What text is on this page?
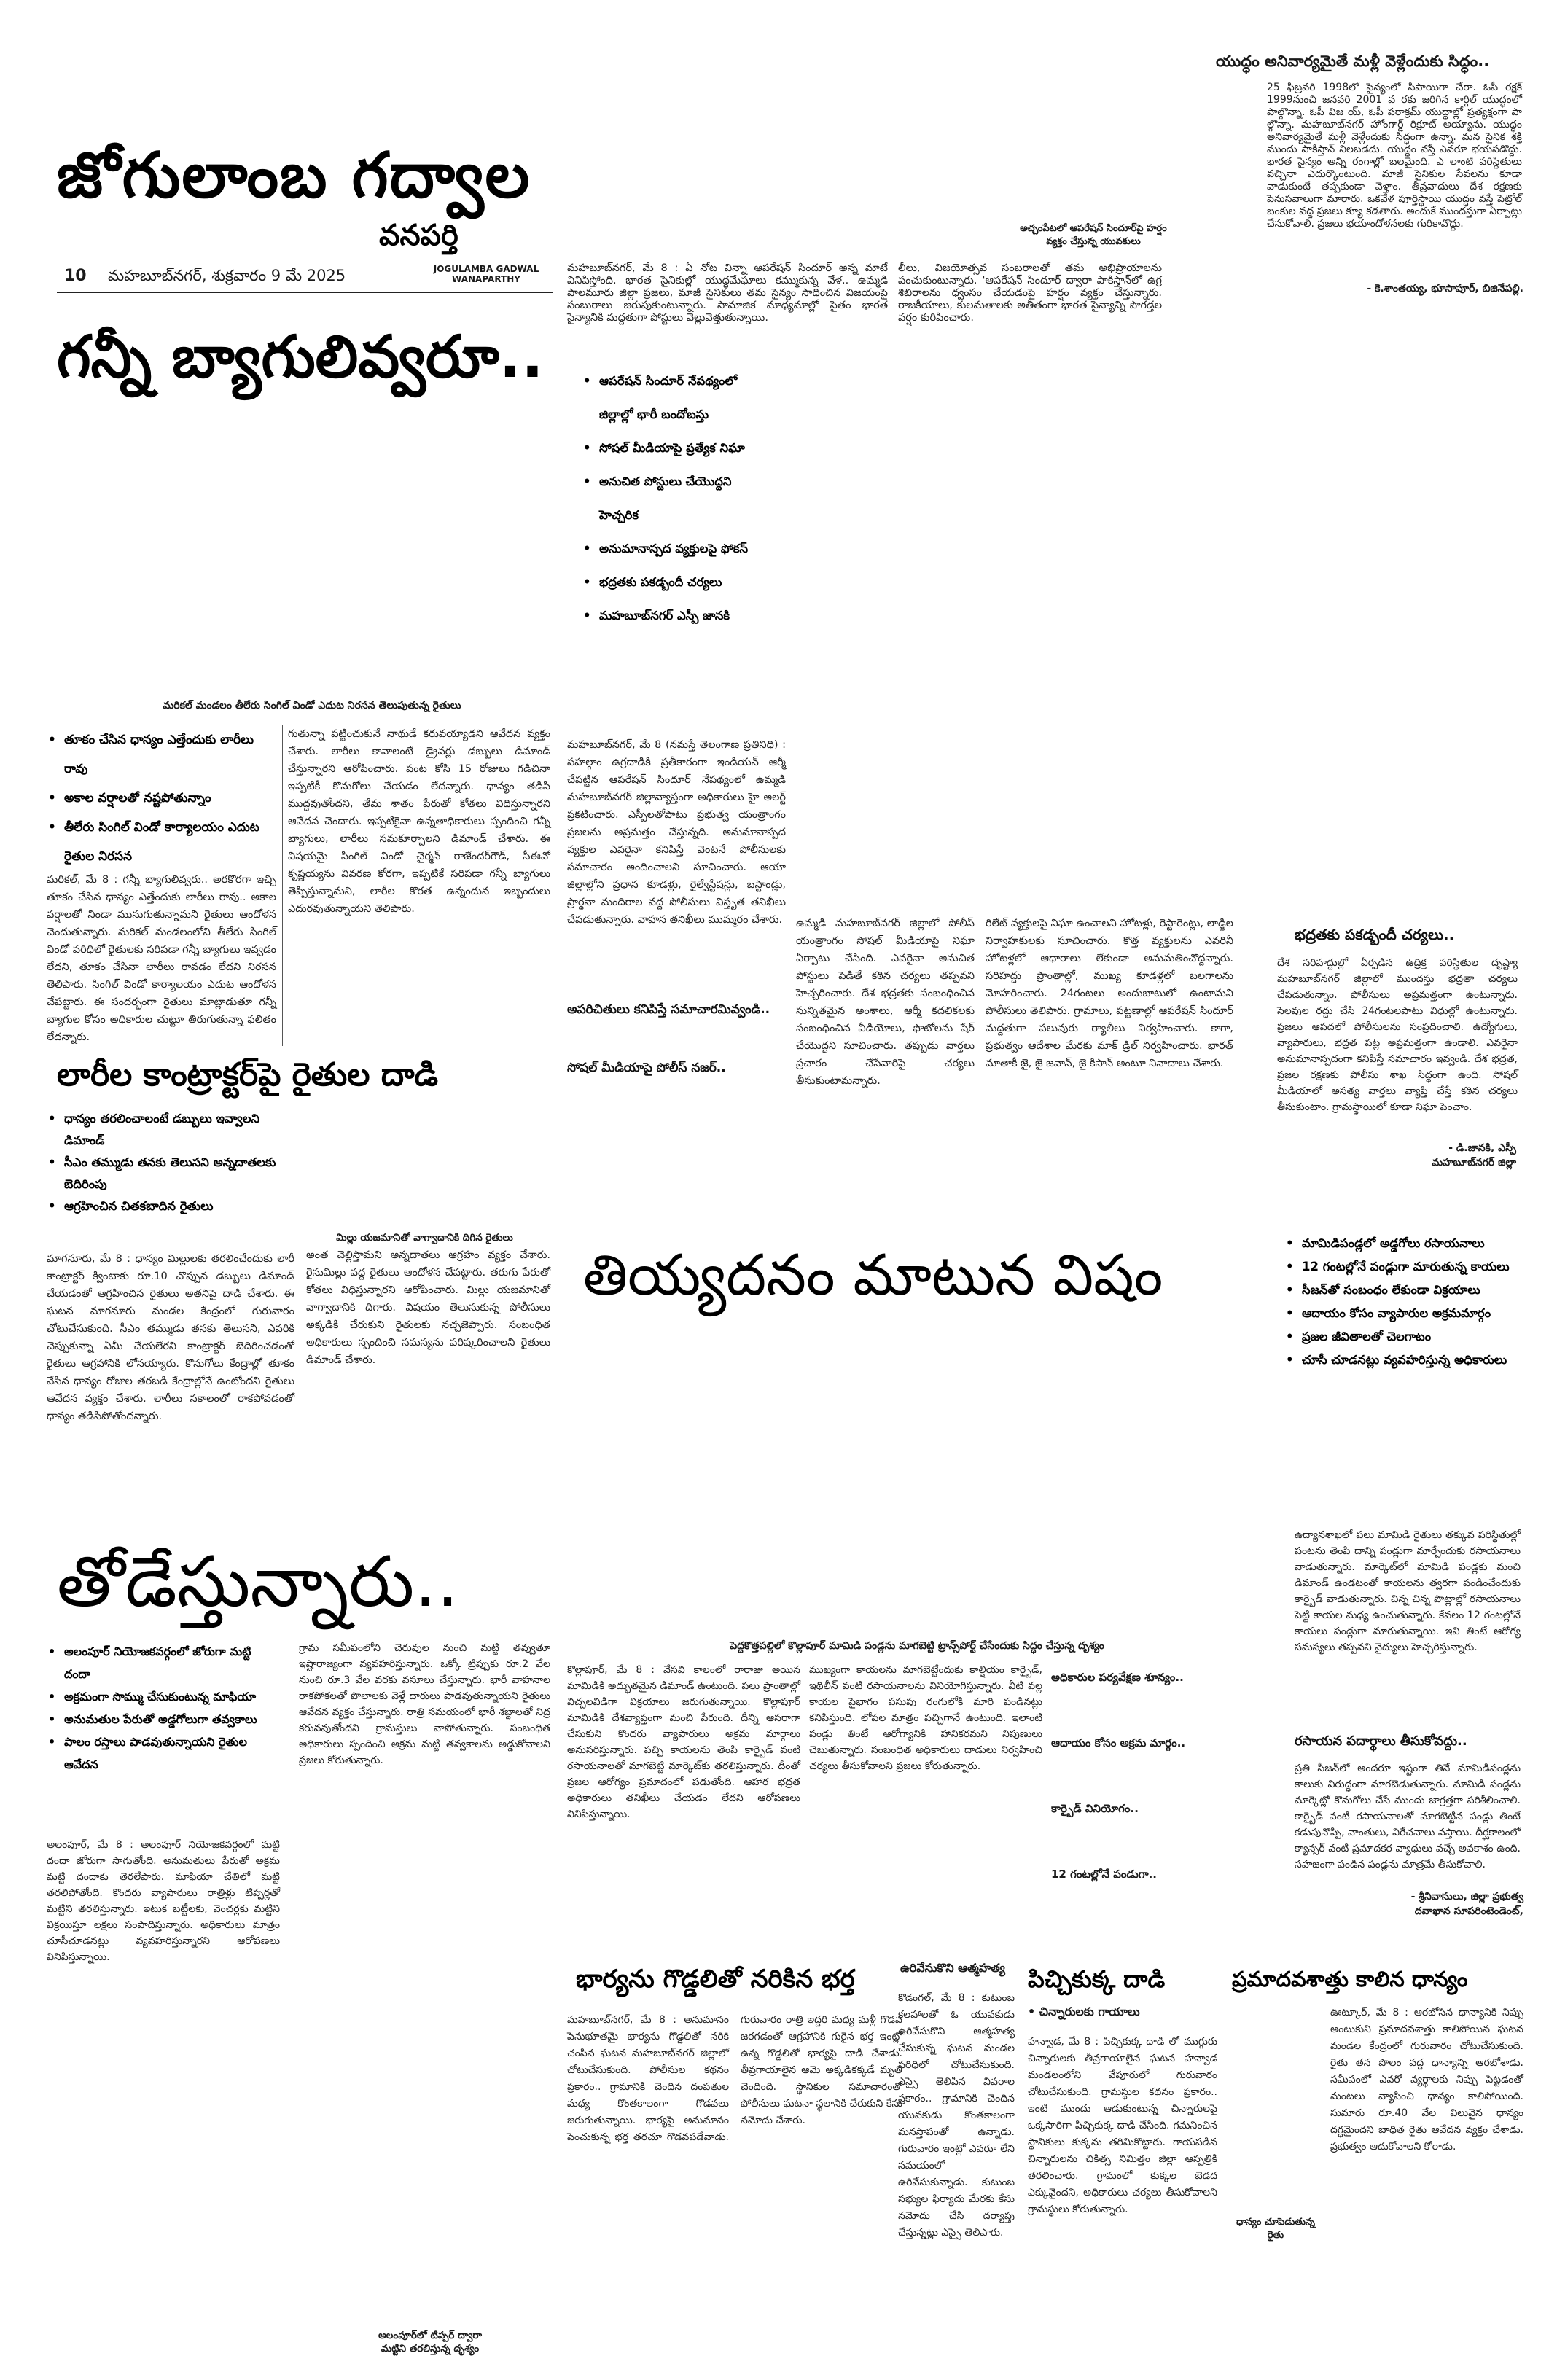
జోగులాంబ గద్వాల
వనపర్తి
10 మహబూబ్‌నగర్, శుక్రవారం 9 మే 2025	JOGULAMBA GADWAL
WANAPARTHY
మహబూబ్‌నగర్, మే 8 : ఏ నోట విన్నా ఆపరేషన్ సిందూర్ అన్న మాటే వినిపిస్తోంది. భారత సైనికుల్లో యుద్ధమేఘాలు కమ్ముకున్న వేళ.. ఉమ్మడి పాలమూరు జిల్లా ప్రజలు, మాజీ సైనికులు తమ సైన్యం సాధించిన విజయంపై సంబురాలు జరుపుకుంటున్నారు. సామాజిక మాధ్యమాల్లో సైతం భారత సైన్యానికి మద్దతుగా పోస్టులు వెల్లువెత్తుతున్నాయి.
లీలు, విజయోత్సవ సంబరాలతో తమ అభిప్రాయాలను పంచుకుంటున్నారు. 'ఆపరేషన్ సిందూర్ ద్వారా పాకిస్తాన్‌లో ఉగ్ర శిబిరాలను ధ్వంసం చేయడంపై హర్షం వ్యక్తం చేస్తున్నారు. రాజకీయాలు, కులమతాలకు అతీతంగా భారత సైన్యాన్ని పొగడ్తల వర్షం కురిపించారు.
అచ్చంపేటలో ఆపరేషన్ సిందూర్‌పై హర్షం వ్యక్తం చేస్తున్న యువకులు
యుద్ధం అనివార్యమైతే మళ్లీ వెళ్లేందుకు సిద్ధం..
25 ఫిబ్రవరి 1998లో సైన్యంలో సిపాయిగా చేరా. ఓపీ రక్షక్ 1999నుంచి జనవరి 2001 వ రకు జరిగిన కార్గిల్ యుద్ధంలో పాల్గొన్నా. ఓపీ విజ య్, ఓపీ పరాక్రమ్ యుద్ధాల్లో ప్రత్యక్షంగా పా ల్గొన్నా. మహబూబ్‌నగర్ హోంగార్డ్ రిక్రూట్ అయ్యాను. యుద్ధం అనివార్యమైతే మళ్లీ వెళ్లేందుకు సిద్ధంగా ఉన్నా. మన సైనిక శక్తి ముందు పాకిస్తాన్ నిలబడదు. యుద్ధం వస్తే ఎవరూ భయపడొద్దు. భారత సైన్యం అన్ని రంగాల్లో బలమైంది. ఎ లాంటి పరిస్థితులు వచ్చినా ఎదుర్కొంటుంది. మాజీ సైనికుల సేవలను కూడా వాడుకుంటే తప్పకుండా వెళ్తాం. తీవ్రవాదులు దేశ రక్షణకు పెనుసవాలుగా మారారు. ఒకవేళ పూర్తిస్థాయి యుద్ధం వస్తే పెట్రోల్ బంకుల వద్ద ప్రజలు క్యూ కడతారు. అందుకే ముందస్తుగా ఏర్పాట్లు చేసుకోవాలి. ప్రజలు భయాందోళనలకు గురికావొద్దు.
- కె.శాంతయ్య, భూసాపూర్, బిజినేపల్లి.
గన్నీ బ్యాగులివ్వరూ..
మరికల్ మండలం తీలేరు సింగిల్ విండో ఎదుట నిరసన తెలుపుతున్న రైతులు
• తూకం చేసిన ధాన్యం ఎత్తేందుకు లారీలు రావు
• అకాల వర్షాలతో నష్టపోతున్నాం
• తీలేరు సింగిల్ విండో కార్యాలయం ఎదుట రైతుల నిరసన
మరికల్, మే 8 : గన్నీ బ్యాగులివ్వరు.. అరకొరగా ఇచ్చి తూకం చేసిన ధాన్యం ఎత్తేందుకు లారీలు రావు.. అకాల వర్షాలతో నిండా మునుగుతున్నామని రైతులు ఆందోళన చెందుతున్నారు. మరికల్ మండలంలోని తీలేరు సింగిల్ విండో పరిధిలో రైతులకు సరిపడా గన్నీ బ్యాగులు ఇవ్వడం లేదని, తూకం చేసినా లారీలు రావడం లేదని నిరసన తెలిపారు. సింగిల్ విండో కార్యాలయం ఎదుట ఆందోళన చేపట్టారు. ఈ సందర్భంగా రైతులు మాట్లాడుతూ గన్నీ బ్యాగుల కోసం అధికారుల చుట్టూ తిరుగుతున్నా ఫలితం లేదన్నారు.
గుతున్నా పట్టించుకునే నాథుడే కరువయ్యాడని ఆవేదన వ్యక్తం చేశారు. లారీలు కావాలంటే డ్రైవర్లు డబ్బులు డిమాండ్ చేస్తున్నారని ఆరోపించారు. పంట కోసి 15 రోజులు గడిచినా ఇప్పటికీ కొనుగోలు చేయడం లేదన్నారు. ధాన్యం తడిసి ముద్దవుతోందని, తేమ శాతం పేరుతో కోతలు విధిస్తున్నారని ఆవేదన చెందారు. ఇప్పటికైనా ఉన్నతాధికారులు స్పందించి గన్నీ బ్యాగులు, లారీలు సమకూర్చాలని డిమాండ్ చేశారు. ఈ విషయమై సింగిల్ విండో చైర్మన్ రాజేందర్‌గౌడ్, సీఈవో కృష్ణయ్యను వివరణ కోరగా, ఇప్పటికే సరిపడా గన్నీ బ్యాగులు తెప్పిస్తున్నామని, లారీల కొరత ఉన్నందున ఇబ్బందులు ఎదురవుతున్నాయని తెలిపారు.
లారీల కాంట్రాక్టర్‌పై రైతుల దాడి
• ధాన్యం తరలించాలంటే డబ్బులు ఇవ్వాలని డిమాండ్
• సీఎం తమ్ముడు తనకు తెలుసని అన్నదాతలకు బెదిరింపు
• ఆగ్రహించిన చితకబాదిన రైతులు
మిల్లు యజమానితో వాగ్వాదానికి దిగిన రైతులు
మాగనూరు, మే 8 : ధాన్యం మిల్లులకు తరలించేందుకు లారీ కాంట్రాక్టర్ క్వింటాకు రూ.10 చొప్పున డబ్బులు డిమాండ్ చేయడంతో ఆగ్రహించిన రైతులు అతనిపై దాడి చేశారు. ఈ ఘటన మాగనూరు మండల కేంద్రంలో గురువారం చోటుచేసుకుంది. సీఎం తమ్ముడు తనకు తెలుసని, ఎవరికి చెప్పుకున్నా ఏమీ చేయలేరని కాంట్రాక్టర్ బెదిరించడంతో రైతులు ఆగ్రహానికి లోనయ్యారు. కొనుగోలు కేంద్రాల్లో తూకం వేసిన ధాన్యం రోజుల తరబడి కేంద్రాల్లోనే ఉంటోందని రైతులు ఆవేదన వ్యక్తం చేశారు. లారీలు సకాలంలో రాకపోవడంతో ధాన్యం తడిసిపోతోందన్నారు.
అంత చెల్లిస్తామని అన్నదాతలు ఆగ్రహం వ్యక్తం చేశారు. రైసుమిల్లు వద్ద రైతులు ఆందోళన చేపట్టారు. తరుగు పేరుతో కోతలు విధిస్తున్నారని ఆరోపించారు. మిల్లు యజమానితో వాగ్వాదానికి దిగారు. విషయం తెలుసుకున్న పోలీసులు అక్కడికి చేరుకుని రైతులకు నచ్చజెప్పారు. సంబంధిత అధికారులు స్పందించి సమస్యను పరిష్కరించాలని రైతులు డిమాండ్ చేశారు.
• ఆపరేషన్ సిందూర్ నేపథ్యంలో జిల్లాల్లో భారీ బందోబస్తు
• సోషల్ మీడియాపై ప్రత్యేక నిఘా
• అనుచిత పోస్టులు చేయొద్దని హెచ్చరిక
• అనుమానాస్పద వ్యక్తులపై ఫోకస్
• భద్రతకు పకడ్బందీ చర్యలు
• మహబూబ్‌నగర్ ఎస్పీ జానకి
మహబూబ్‌నగర్, మే 8 (నమస్తే తెలంగాణ ప్రతినిధి) : పహల్గాం ఉగ్రదాడికి ప్రతీకారంగా ఇండియన్ ఆర్మీ చేపట్టిన ఆపరేషన్ సిందూర్ నేపథ్యంలో ఉమ్మడి మహబూబ్‌నగర్ జిల్లావ్యాప్తంగా అధికారులు హై అలర్ట్ ప్రకటించారు. ఎస్పీలతోపాటు ప్రభుత్వ యంత్రాంగం ప్రజలను అప్రమత్తం చేస్తున్నది. అనుమానాస్పద వ్యక్తుల ఎవరైనా కనిపిస్తే వెంటనే పోలీసులకు సమాచారం అందించాలని సూచించారు. ఆయా జిల్లాల్లోని ప్రధాన కూడళ్లు, రైల్వేస్టేషన్లు, బస్టాండ్లు, ప్రార్థనా మందిరాల వద్ద పోలీసులు విస్తృత తనిఖీలు చేపడుతున్నారు. వాహన తనిఖీలు ముమ్మరం చేశారు.
అపరిచితులు కనిపిస్తే సమాచారమివ్వండి..
సోషల్ మీడియాపై పోలీస్ నజర్..
ఉమ్మడి మహబూబ్‌నగర్ జిల్లాలో పోలీస్ యంత్రాంగం సోషల్ మీడియాపై నిఘా ఏర్పాటు చేసింది. ఎవరైనా అనుచిత పోస్టులు పెడితే కఠిన చర్యలు తప్పవని హెచ్చరించారు. దేశ భద్రతకు సంబంధించిన సున్నితమైన అంశాలు, ఆర్మీ కదలికలకు సంబంధించిన వీడియోలు, ఫొటోలను షేర్ చేయొద్దని సూచించారు. తప్పుడు వార్తలు ప్రచారం చేసేవారిపై చర్యలు తీసుకుంటామన్నారు.
రిలేట్ వ్యక్తులపై నిఘా ఉంచాలని హోటళ్లు, రెస్టారెంట్లు, లాడ్జిల నిర్వాహకులకు సూచించారు. కొత్త వ్యక్తులను ఎవరినీ హోటళ్లలో ఆధారాలు లేకుండా అనుమతించొద్దన్నారు. సరిహద్దు ప్రాంతాల్లో, ముఖ్య కూడళ్లలో బలగాలను మోహరించారు. 24గంటలు అందుబాటులో ఉంటామని పోలీసులు తెలిపారు. గ్రామాలు, పట్టణాల్లో ఆపరేషన్ సిందూర్ మద్దతుగా పలువురు ర్యాలీలు నిర్వహించారు. కాగా, ప్రభుత్వం ఆదేశాల మేరకు మాక్ డ్రిల్ నిర్వహించారు. భారత్ మాతాకీ జై, జై జవాన్, జై కిసాన్ అంటూ నినాదాలు చేశారు.
భద్రతకు పకడ్బందీ చర్యలు..
దేశ సరిహద్దుల్లో ఏర్పడిన ఉద్రిక్త పరిస్థితుల దృష్ట్యా మహబూబ్‌నగర్ జిల్లాలో ముందస్తు భద్రతా చర్యలు చేపడుతున్నాం. పోలీసులు అప్రమత్తంగా ఉంటున్నారు. సెలవుల రద్దు చేసి 24గంటలపాటు విధుల్లో ఉంటున్నారు. ప్రజలు ఆపదలో పోలీసులను సంప్రదించాలి. ఉద్యోగులు, వ్యాపారులు, భద్రత పట్ల అప్రమత్తంగా ఉండాలి. ఎవరైనా అనుమానాస్పదంగా కనిపిస్తే సమాచారం ఇవ్వండి. దేశ భద్రత, ప్రజల రక్షణకు పోలీసు శాఖ సిద్ధంగా ఉంది. సోషల్ మీడియాలో అసత్య వార్తలు వ్యాప్తి చేస్తే కఠిన చర్యలు తీసుకుంటాం. గ్రామస్థాయిలో కూడా నిఘా పెంచాం.
- డి.జానకి, ఎస్పీ
మహబూబ్‌నగర్ జిల్లా
తియ్యదనం మాటున విషం
•	మామిడిపండ్లలో అడ్డగోలు రసాయనాలు
• 12 గంటల్లోనే పండ్లుగా మారుతున్న కాయలు
• సీజన్‌తో సంబంధం లేకుండా విక్రయాలు
• ఆదాయం కోసం వ్యాపారుల అక్రమమార్గం
• ప్రజల జీవితాలతో చెలగాటం
• చూసీ చూడనట్లు వ్యవహరిస్తున్న అధికారులు
పెద్దకొత్తపల్లిలో కొల్లాపూర్ మామిడి పండ్లను మాగబెట్టి ట్రాన్స్‌పోర్ట్ చేసేందుకు సిద్ధం చేస్తున్న దృశ్యం
ఉద్యానశాఖలో పలు మామిడి రైతులు తక్కువ పరిస్థితుల్లో పంటను తెంపి దాన్ని పండ్లుగా మార్చేందుకు రసాయనాలు వాడుతున్నారు. మార్కెట్‌లో మామిడి పండ్లకు మంచి డిమాండ్ ఉండటంతో కాయలను త్వరగా పండించేందుకు కార్బైడ్ వాడుతున్నారు. చిన్న చిన్న పొట్లాల్లో రసాయనాలు పెట్టి కాయల మధ్య ఉంచుతున్నారు. కేవలం 12 గంటల్లోనే కాయలు పండ్లుగా మారుతున్నాయి. ఇవి తింటే ఆరోగ్య సమస్యలు తప్పవని వైద్యులు హెచ్చరిస్తున్నారు.
రసాయన పదార్థాలు తీసుకోవద్దు..
ప్రతి సీజన్‌లో అందరూ ఇష్టంగా తినే మామిడిపండ్లను కాలుకు విరుద్ధంగా మాగబెడుతున్నారు. మామిడి పండ్లను మార్కెట్లో కొనుగోలు చేసే ముందు జాగ్రత్తగా పరిశీలించాలి. కార్బైడ్ వంటి రసాయనాలతో మాగబెట్టిన పండ్లు తింటే కడుపునొప్పి, వాంతులు, విరేచనాలు వస్తాయి. దీర్ఘకాలంలో క్యాన్సర్ వంటి ప్రమాదకర వ్యాధులు వచ్చే అవకాశం ఉంది. సహజంగా పండిన పండ్లను మాత్రమే తీసుకోవాలి.
- శ్రీనివాసులు, జిల్లా ప్రభుత్వ
దవాఖాన సూపరింటెండెంట్,
కొల్లాపూర్, మే 8 : వేసవి కాలంలో రారాజు అయిన మామిడికి అద్భుతమైన డిమాండ్ ఉంటుంది. పలు ప్రాంతాల్లో విచ్చలవిడిగా విక్రయాలు జరుగుతున్నాయి. కొల్లాపూర్ మామిడికి దేశవ్యాప్తంగా మంచి పేరుంది. దీన్ని ఆసరాగా చేసుకుని కొందరు వ్యాపారులు అక్రమ మార్గాలు అనుసరిస్తున్నారు. పచ్చి కాయలను తెంపి కార్బైడ్ వంటి రసాయనాలతో మాగబెట్టి మార్కెట్‌కు తరలిస్తున్నారు. దీంతో ప్రజల ఆరోగ్యం ప్రమాదంలో పడుతోంది. ఆహార భద్రత అధికారులు తనిఖీలు చేయడం లేదని ఆరోపణలు వినిపిస్తున్నాయి.
ముఖ్యంగా కాయలను మాగబెట్టేందుకు కాల్షియం కార్బైడ్, ఇథిలీన్ వంటి రసాయనాలను వినియోగిస్తున్నారు. వీటి వల్ల కాయల పైభాగం పసుపు రంగులోకి మారి పండినట్లు కనిపిస్తుంది. లోపల మాత్రం పచ్చిగానే ఉంటుంది. ఇలాంటి పండ్లు తింటే ఆరోగ్యానికి హానికరమని నిపుణులు చెబుతున్నారు. సంబంధిత అధికారులు దాడులు నిర్వహించి చర్యలు తీసుకోవాలని ప్రజలు కోరుతున్నారు.
అధికారుల పర్యవేక్షణ శూన్యం..
ఆదాయం కోసం అక్రమ మార్గం..
కార్బైడ్ వినియోగం..
12 గంటల్లోనే పండుగా..
తోడేస్తున్నారు..
• అలంపూర్ నియోజకవర్గంలో జోరుగా మట్టి దందా
• అక్రమంగా సొమ్ము చేసుకుంటున్న మాఫియా
• అనుమతుల పేరుతో అడ్డగోలుగా తవ్వకాలు
• పాలం రస్తాలు పాడవుతున్నాయని రైతుల ఆవేదన
అలంపూర్, మే 8 : అలంపూర్ నియోజకవర్గంలో మట్టి దందా జోరుగా సాగుతోంది. అనుమతులు పేరుతో అక్రమ మట్టి దందాకు తెరలేపారు. మాఫియా చేతిలో మట్టి తరలిపోతోంది. కొందరు వ్యాపారులు రాత్రిళ్లు టిప్పర్లతో మట్టిని తరలిస్తున్నారు. ఇటుక బట్టీలకు, వెంచర్లకు మట్టిని విక్రయిస్తూ లక్షలు సంపాదిస్తున్నారు. అధికారులు మాత్రం చూసీచూడనట్లు వ్యవహరిస్తున్నారని ఆరోపణలు వినిపిస్తున్నాయి.
గ్రామ సమీపంలోని చెరువుల నుంచి మట్టి తవ్వుతూ ఇష్టారాజ్యంగా వ్యవహరిస్తున్నారు. ఒక్కో ట్రిప్పుకు రూ.2 వేల నుంచి రూ.3 వేల వరకు వసూలు చేస్తున్నారు. భారీ వాహనాల రాకపోకలతో పొలాలకు వెళ్లే దారులు పాడవుతున్నాయని రైతులు ఆవేదన వ్యక్తం చేస్తున్నారు. రాత్రి సమయంలో భారీ శబ్దాలతో నిద్ర కరువవుతోందని గ్రామస్తులు వాపోతున్నారు. సంబంధిత అధికారులు స్పందించి అక్రమ మట్టి తవ్వకాలను అడ్డుకోవాలని ప్రజలు కోరుతున్నారు.
అలంపూర్‌లో టిప్పర్ ద్వారా
మట్టిని తరలిస్తున్న దృశ్యం
భార్యను గొడ్డలితో నరికిన భర్త
మహబూబ్‌నగర్, మే 8 : అనుమానం పెనుభూతమై భార్యను గొడ్డలితో నరికి చంపిన ఘటన మహబూబ్‌నగర్ జిల్లాలో చోటుచేసుకుంది. పోలీసుల కథనం ప్రకారం.. గ్రామానికి చెందిన దంపతుల మధ్య కొంతకాలంగా గొడవలు జరుగుతున్నాయి. భార్యపై అనుమానం పెంచుకున్న భర్త తరచూ గొడవపడేవాడు. గురువారం రాత్రి ఇద్దరి మధ్య మళ్లీ గొడవ జరగడంతో ఆగ్రహానికి గురైన భర్త ఇంట్లో ఉన్న గొడ్డలితో భార్యపై దాడి చేశాడు. తీవ్రగాయాలైన ఆమె అక్కడికక్కడే మృతి చెందింది. స్థానికుల సమాచారంతో పోలీసులు ఘటనా స్థలానికి చేరుకుని కేసు నమోదు చేశారు.
ఉరివేసుకొని ఆత్మహత్య
కొడంగల్, మే 8 : కుటుంబ కలహాలతో ఓ యువకుడు ఉరివేసుకొని ఆత్మహత్య చేసుకున్న ఘటన మండల పరిధిలో చోటుచేసుకుంది. ఎస్సై తెలిపిన వివరాల ప్రకారం.. గ్రామానికి చెందిన యువకుడు కొంతకాలంగా మనస్తాపంతో ఉన్నాడు. గురువారం ఇంట్లో ఎవరూ లేని సమయంలో ఉరివేసుకున్నాడు. కుటుంబ సభ్యుల ఫిర్యాదు మేరకు కేసు నమోదు చేసి దర్యాప్తు చేస్తున్నట్లు ఎస్సై తెలిపారు.
పిచ్చికుక్క దాడి
• చిన్నారులకు గాయాలు
హన్వాడ, మే 8 : పిచ్చికుక్క దాడి లో ముగ్గురు చిన్నారులకు తీవ్రగాయాలైన ఘటన హన్వాడ మండలంలోని వేపూరులో గురువారం చోటుచేసుకుంది. గ్రామస్థుల కథనం ప్రకారం.. ఇంటి ముందు ఆడుకుంటున్న చిన్నారులపై ఒక్కసారిగా పిచ్చికుక్క దాడి చేసింది. గమనించిన స్థానికులు కుక్కను తరిమికొట్టారు. గాయపడిన చిన్నారులను చికిత్స నిమిత్తం జిల్లా ఆస్పత్రికి తరలించారు. గ్రామంలో కుక్కల బెడద ఎక్కువైందని, అధికారులు చర్యలు తీసుకోవాలని గ్రామస్థులు కోరుతున్నారు.
ప్రమాదవశాత్తు కాలిన ధాన్యం
ఊట్కూర్, మే 8 : ఆరబోసిన ధాన్యానికి నిప్పు అంటుకుని ప్రమాదవశాత్తు కాలిపోయిన ఘటన మండల కేంద్రంలో గురువారం చోటుచేసుకుంది. రైతు తన పొలం వద్ద ధాన్యాన్ని ఆరబోశాడు. సమీపంలో ఎవరో వ్యర్థాలకు నిప్పు పెట్టడంతో మంటలు వ్యాపించి ధాన్యం కాలిపోయింది. సుమారు రూ.40 వేల విలువైన ధాన్యం దగ్ధమైందని బాధిత రైతు ఆవేదన వ్యక్తం చేశాడు. ప్రభుత్వం ఆదుకోవాలని కోరాడు.
ధాన్యం చూపెడుతున్న రైతు
